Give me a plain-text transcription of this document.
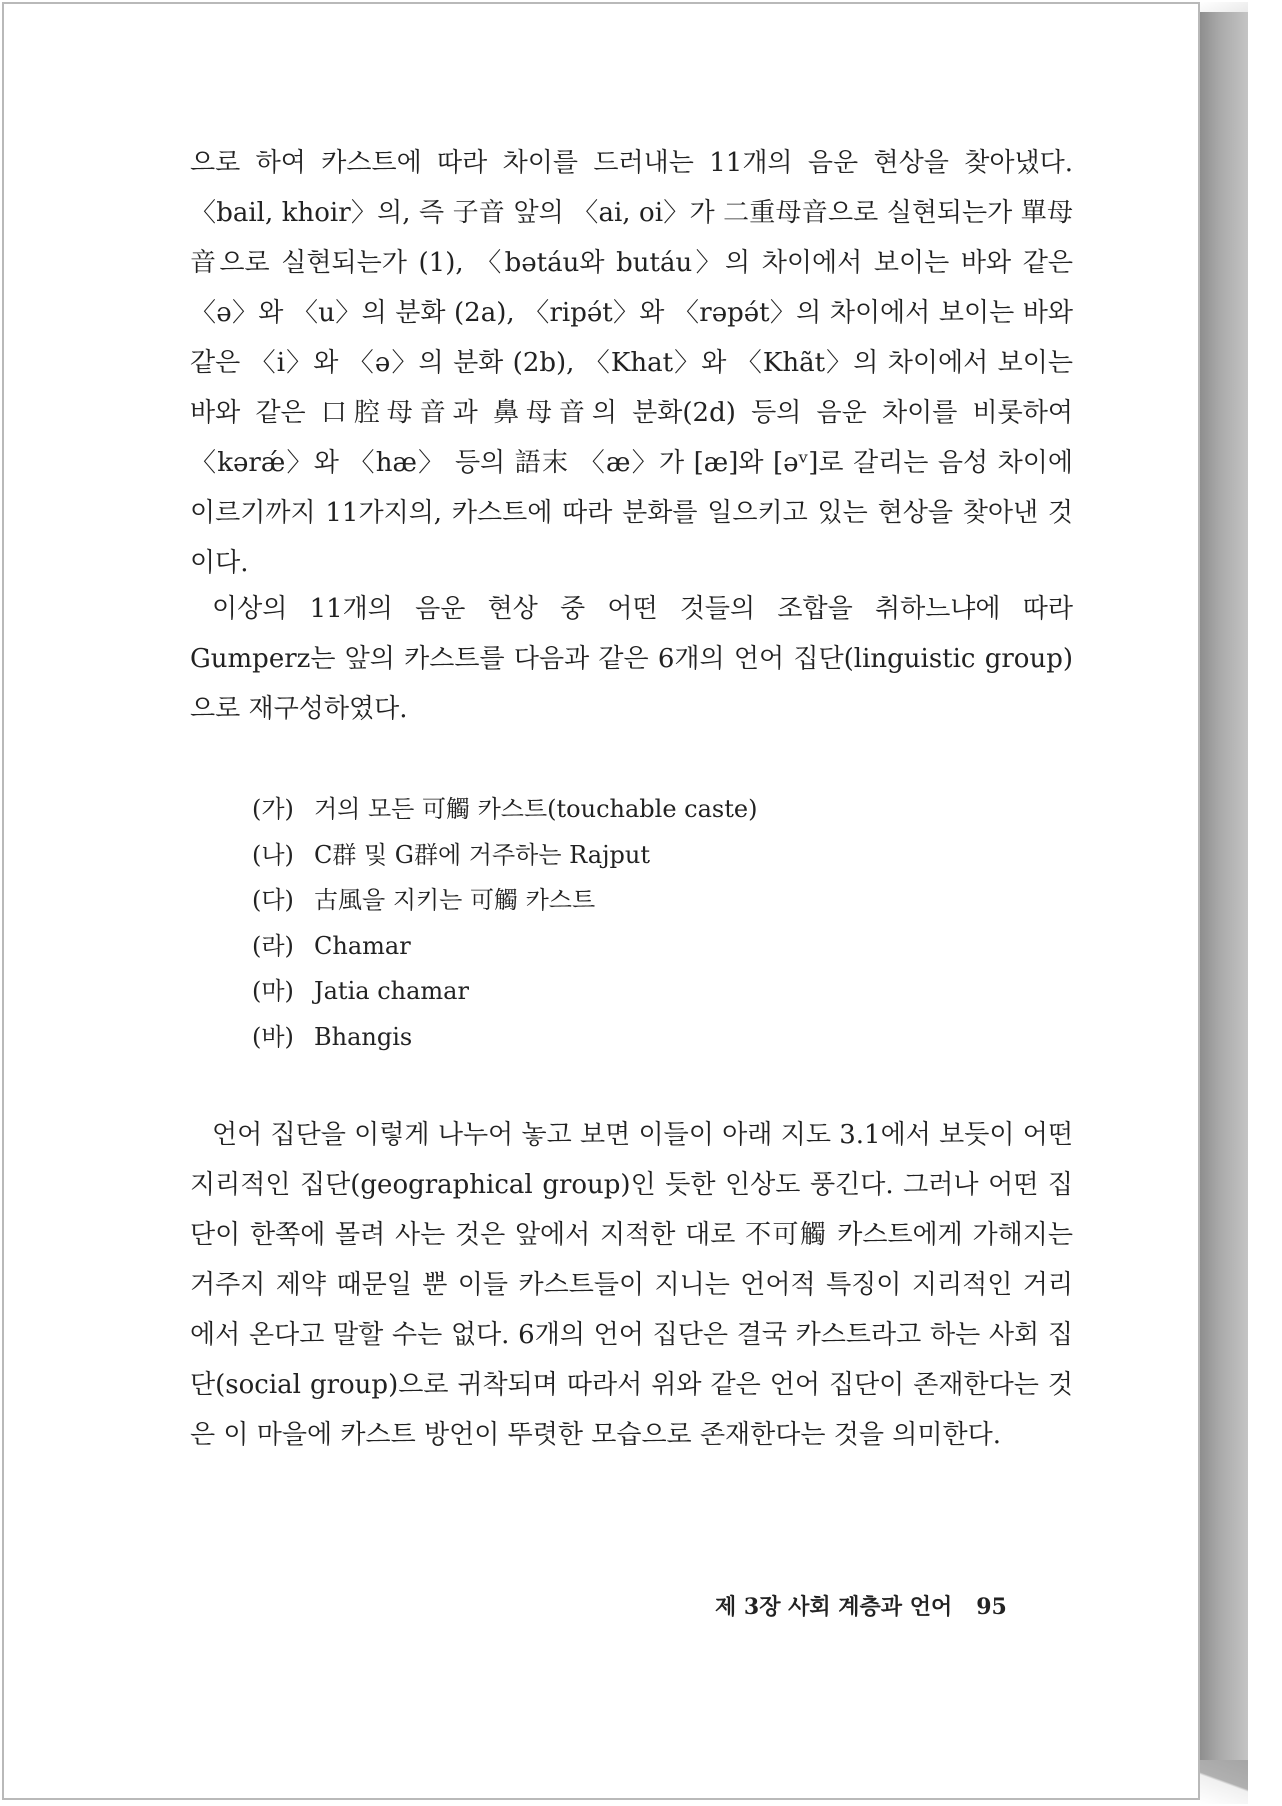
으로 하여 카스트에 따라 차이를 드러내는 11개의 음운 현상을 찾아냈다. 〈bail, khoir〉의, 즉 子音 앞의 〈ai, oi〉가 二重母音으로 실현되는가 單母音으로 실현되는가 (1), 〈bətáu와 butáu〉의 차이에서 보이는 바와 같은 〈ə〉와 〈u〉의 분화 (2a), 〈ripə́t〉와 〈rəpə́t〉의 차이에서 보이는 바와 같은 〈i〉와 〈ə〉의 분화 (2b), 〈Khat〉와 〈Khãt〉의 차이에서 보이는 바와 같은 口腔母音과 鼻母音의 분화(2d) 등의 음운 차이를 비롯하여 〈kərǽ〉와 〈hæ〉 등의 語末 〈æ〉가 [æ]와 [əᵛ]로 갈리는 음성 차이에 이르기까지 11가지의, 카스트에 따라 분화를 일으키고 있는 현상을 찾아낸 것이다.

이상의 11개의 음운 현상 중 어떤 것들의 조합을 취하느냐에 따라 Gumperz는 앞의 카스트를 다음과 같은 6개의 언어 집단(linguistic group)으로 재구성하였다.

(가) 거의 모든 可觸 카스트(touchable caste)
(나) C群 및 G群에 거주하는 Rajput
(다) 古風을 지키는 可觸 카스트
(라) Chamar
(마) Jatia chamar
(바) Bhangis

언어 집단을 이렇게 나누어 놓고 보면 이들이 아래 지도 3.1에서 보듯이 어떤 지리적인 집단(geographical group)인 듯한 인상도 풍긴다. 그러나 어떤 집단이 한쪽에 몰려 사는 것은 앞에서 지적한 대로 不可觸 카스트에게 가해지는 거주지 제약 때문일 뿐 이들 카스트들이 지니는 언어적 특징이 지리적인 거리에서 온다고 말할 수는 없다. 6개의 언어 집단은 결국 카스트라고 하는 사회 집단(social group)으로 귀착되며 따라서 위와 같은 언어 집단이 존재한다는 것은 이 마을에 카스트 방언이 뚜렷한 모습으로 존재한다는 것을 의미한다.

제 3장 사회 계층과 언어 95
